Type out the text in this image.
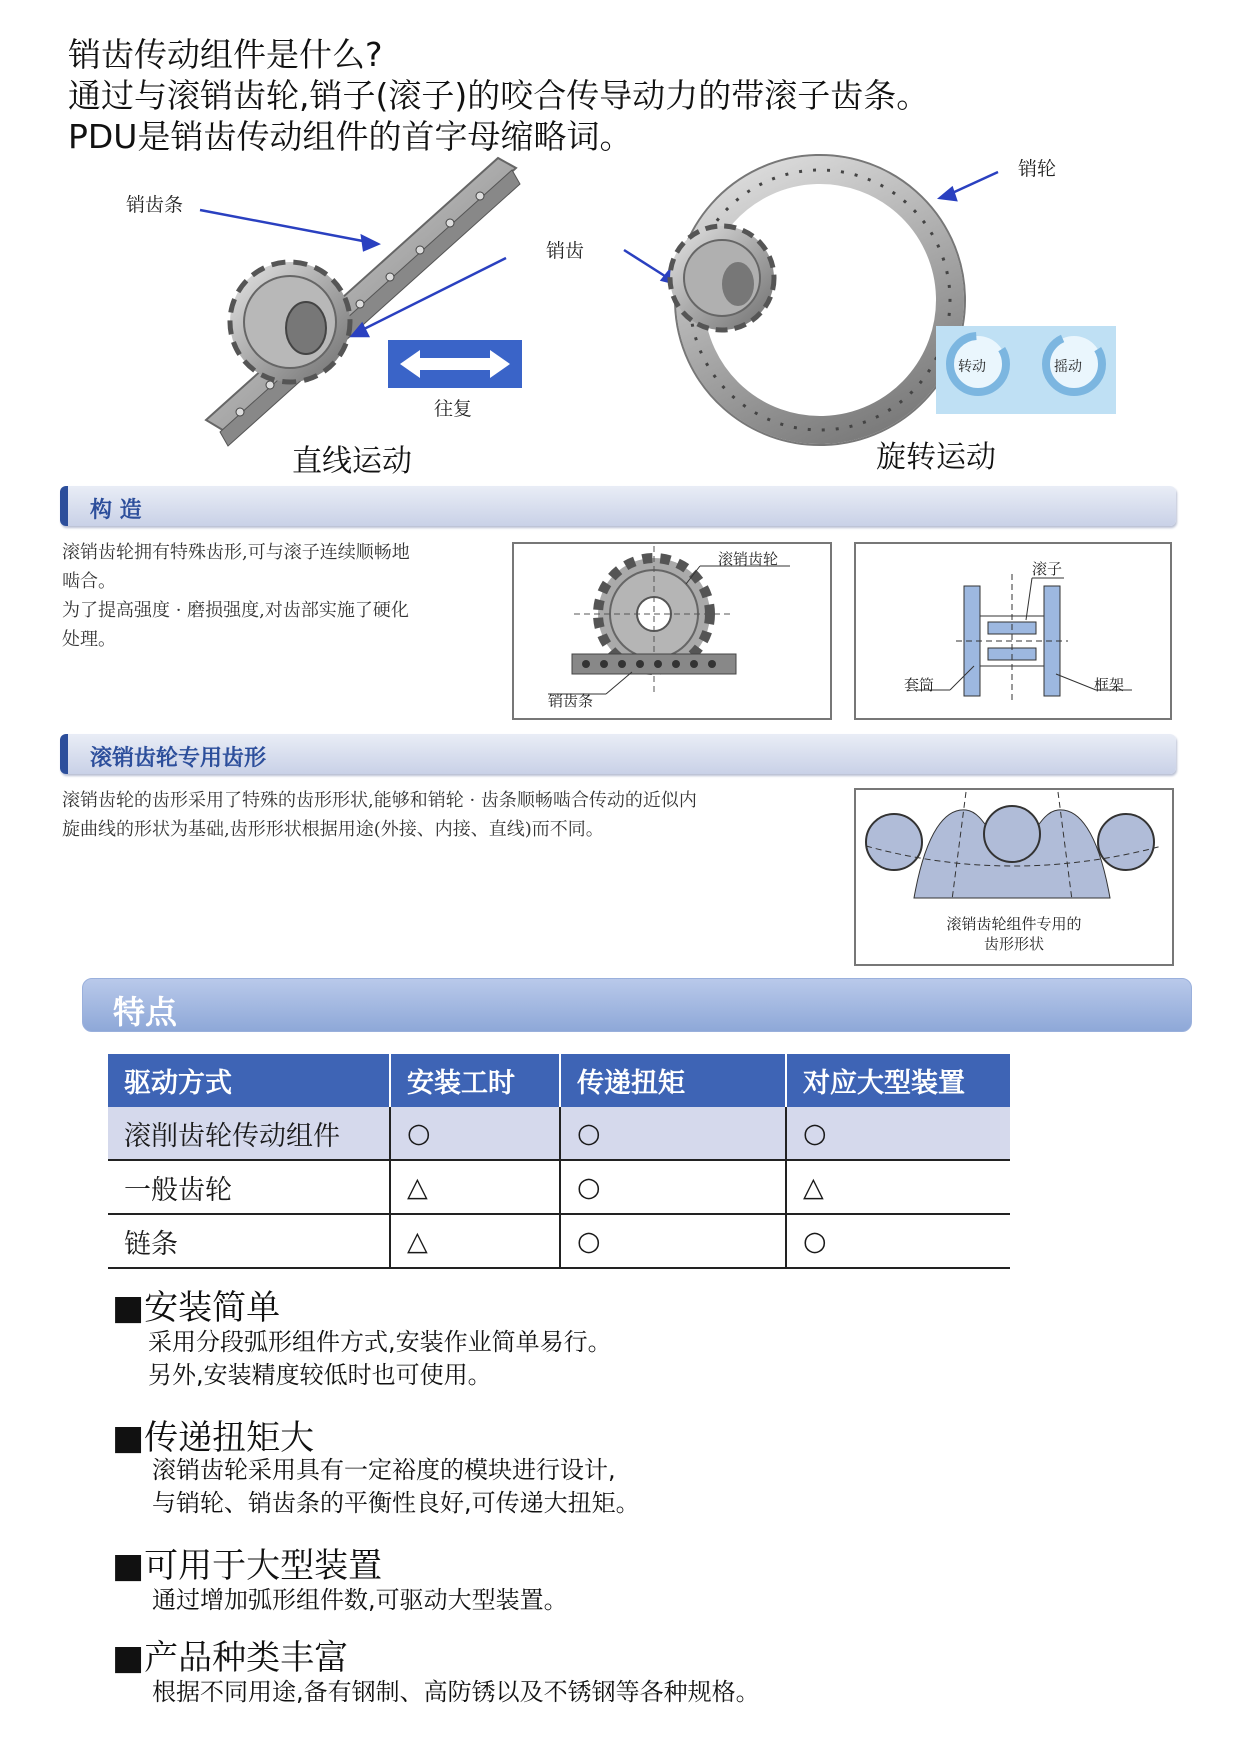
销齿传动组件是什么?
通过与滚销齿轮,销子(滚子)的咬合传导动力的带滚子齿条。
PDU是销齿传动组件的首字母缩略词。
销齿条
销齿
销轮
往复
转动	摇动
直线运动	旋转运动
构 造
滚销齿轮拥有特殊齿形,可与滚子连续顺畅地
啮合。
为了提高强度 · 磨损强度,对齿部实施了硬化
处理。
滚销齿轮
销齿条
滚子
套筒	框架
滚销齿轮专用齿形
滚销齿轮的齿形采用了特殊的齿形形状,能够和销轮 · 齿条顺畅啮合传动的近似内
旋曲线的形状为基础,齿形形状根据用途(外接、内接、直线)而不同。
滚销齿轮组件专用的
齿形形状
特点
驱动方式	安装工时	传递扭矩	对应大型装置
滚削齿轮传动组件	○	○	○
一般齿轮	△	○	△
链条	△	○	○
■安装简单
采用分段弧形组件方式,安装作业简单易行。
另外,安装精度较低时也可使用。
■传递扭矩大
滚销齿轮采用具有一定裕度的模块进行设计,
与销轮、销齿条的平衡性良好,可传递大扭矩。
■可用于大型装置
通过增加弧形组件数,可驱动大型装置。
■产品种类丰富
根据不同用途,备有钢制、高防锈以及不锈钢等各种规格。
